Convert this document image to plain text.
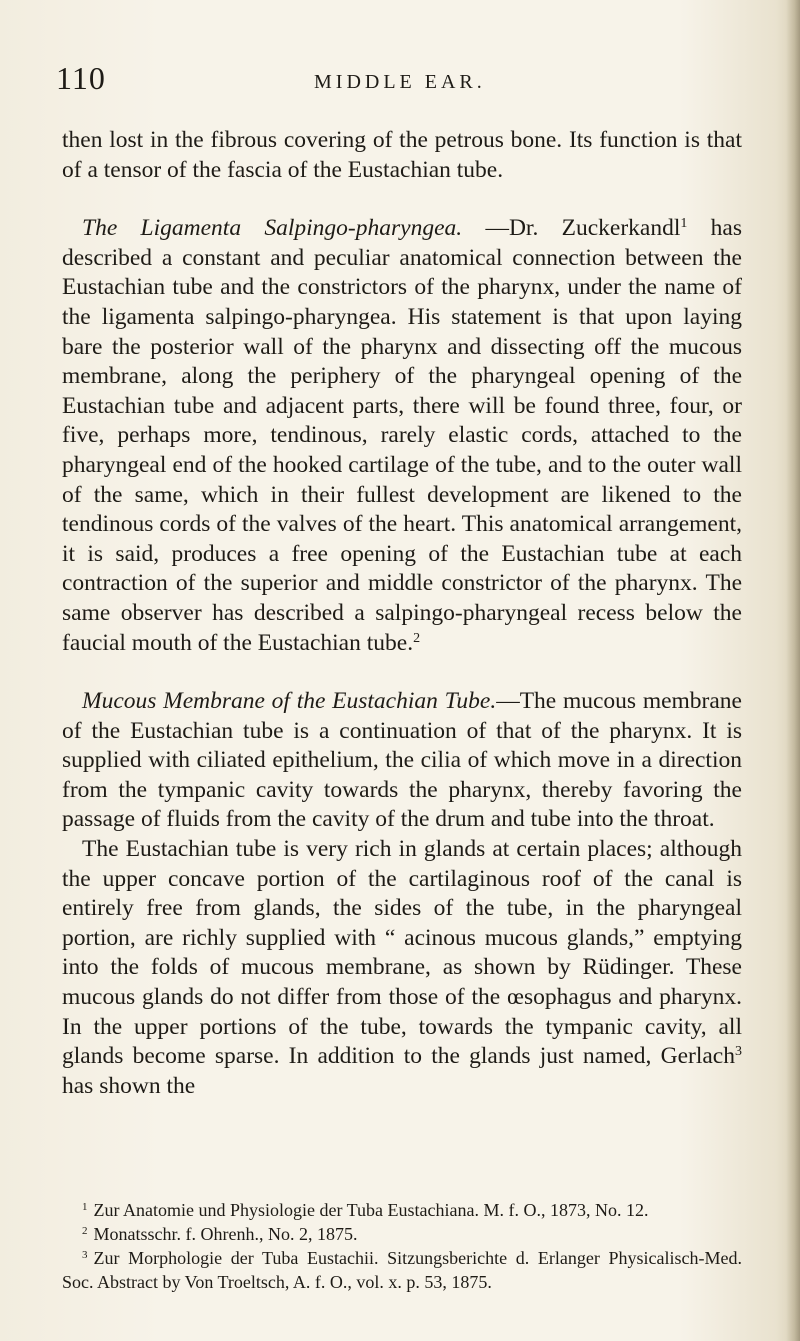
110	MIDDLE EAR.

then lost in the fibrous covering of the petrous bone. Its function is that of a tensor of the fascia of the Eustachian tube.

The Ligamenta Salpingo-pharyngea. —Dr. Zuckerkandl$^1$ has described a constant and peculiar anatomical connection between the Eustachian tube and the constrictors of the pharynx, under the name of the ligamenta salpingo-pharyngea. His statement is that upon laying bare the posterior wall of the pharynx and dissecting off the mucous membrane, along the periphery of the pharyngeal opening of the Eustachian tube and adjacent parts, there will be found three, four, or five, perhaps more, tendinous, rarely elastic cords, attached to the pharyngeal end of the hooked cartilage of the tube, and to the outer wall of the same, which in their fullest development are likened to the tendinous cords of the valves of the heart. This anatomical arrangement, it is said, produces a free opening of the Eustachian tube at each contraction of the superior and middle constrictor of the pharynx. The same observer has described a salpingo-pharyngeal recess below the faucial mouth of the Eustachian tube.$^2$

Mucous Membrane of the Eustachian Tube.—The mucous membrane of the Eustachian tube is a continuation of that of the pharynx. It is supplied with ciliated epithelium, the cilia of which move in a direction from the tympanic cavity towards the pharynx, thereby favoring the passage of fluids from the cavity of the drum and tube into the throat.

The Eustachian tube is very rich in glands at certain places; although the upper concave portion of the cartilaginous roof of the canal is entirely free from glands, the sides of the tube, in the pharyngeal portion, are richly supplied with “ acinous mucous glands,” emptying into the folds of mucous membrane, as shown by Rüdinger. These mucous glands do not differ from those of the œsophagus and pharynx. In the upper portions of the tube, towards the tympanic cavity, all glands become sparse. In addition to the glands just named, Gerlach$^3$ has shown the

$^1$ Zur Anatomie und Physiologie der Tuba Eustachiana. M. f. O., 1873, No. 12.

$^2$ Monatsschr. f. Ohrenh., No. 2, 1875.

$^3$ Zur Morphologie der Tuba Eustachii. Sitzungsberichte d. Erlanger Physicalisch-Med. Soc. Abstract by Von Troeltsch, A. f. O., vol. x. p. 53, 1875.
